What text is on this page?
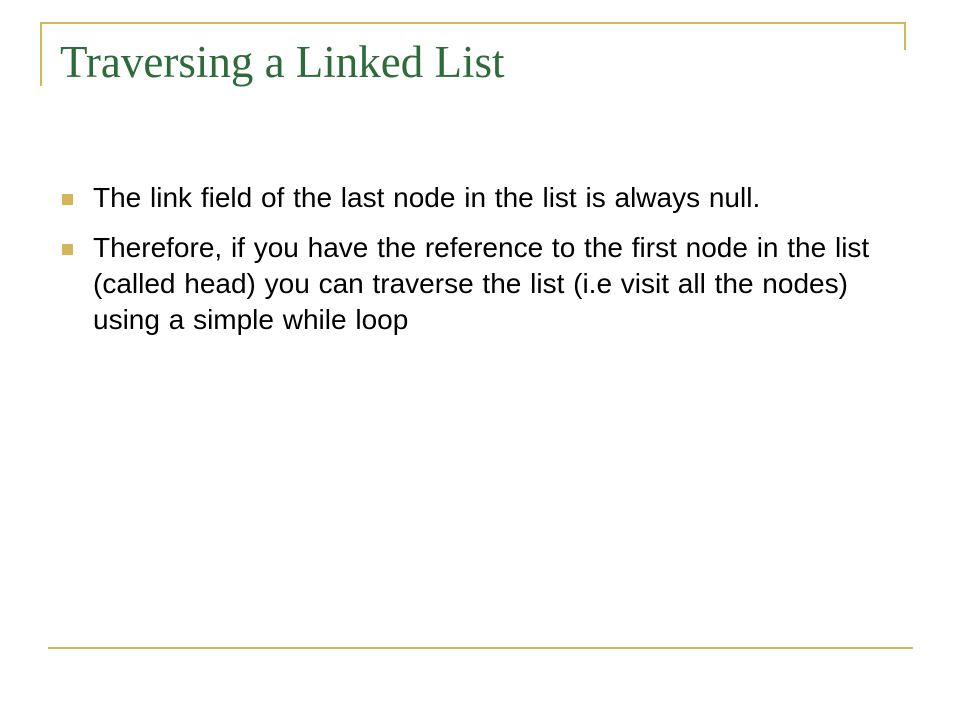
Traversing a Linked List
The link field of the last node in the list is always null.
Therefore, if you have the reference to the first node in the list (called head) you can traverse the list (i.e visit all the nodes) using a simple while loop
